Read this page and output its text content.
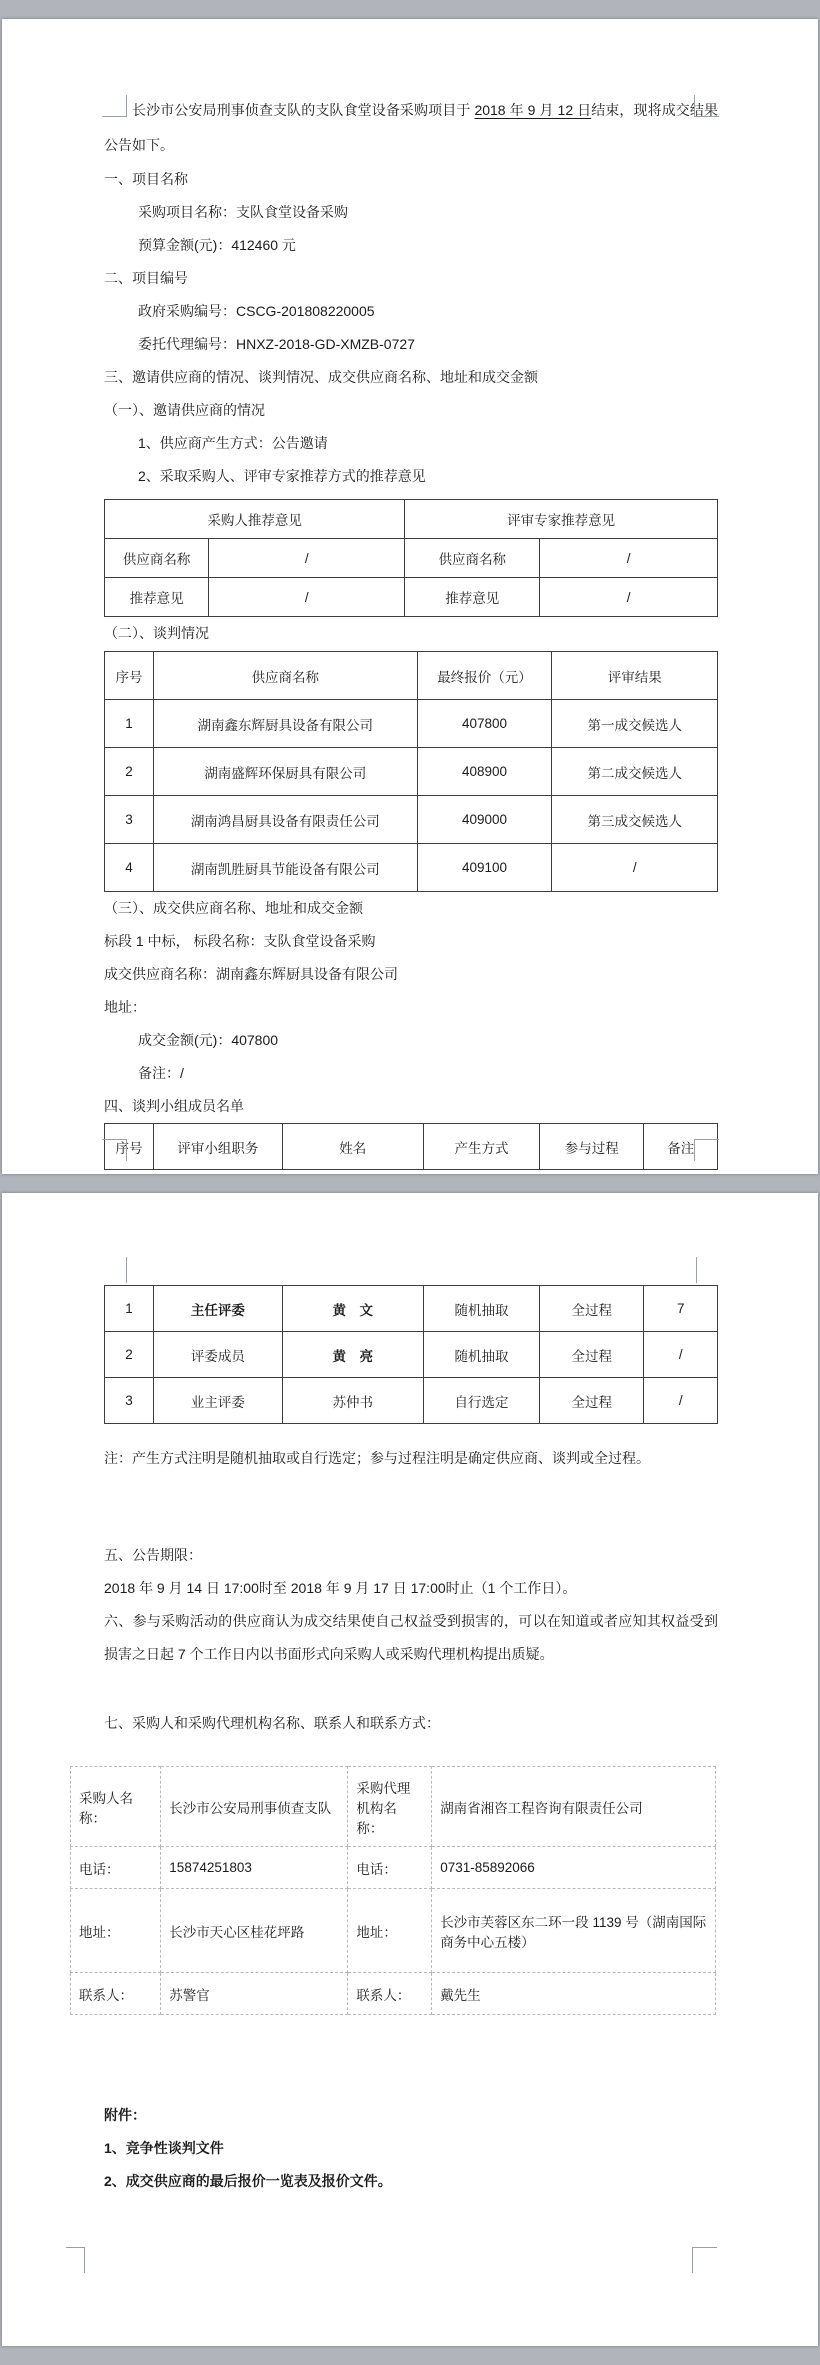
长沙市公安局刑事侦查支队的支队食堂设备采购项目于 2018 年 9 月 12 日结束，现将成交结果公告如下。

一、项目名称
采购项目名称：支队食堂设备采购
预算金额(元)：412460 元
二、项目编号
政府采购编号：CSCG-201808220005
委托代理编号：HNXZ-2018-GD-XMZB-0727
三、邀请供应商的情况、谈判情况、成交供应商名称、地址和成交金额
（一）、邀请供应商的情况
1、供应商产生方式：公告邀请
2、采取采购人、评审专家推荐方式的推荐意见
采购人推荐意见		评审专家推荐意见	
供应商名称	/	供应商名称	/
推荐意见	/	推荐意见	/
（二）、谈判情况
序号	供应商名称	最终报价（元）	评审结果
1	湖南鑫东辉厨具设备有限公司	407800	第一成交候选人
2	湖南盛辉环保厨具有限公司	408900	第二成交候选人
3	湖南鸿昌厨具设备有限责任公司	409000	第三成交候选人
4	湖南凯胜厨具节能设备有限公司	409100	/
（三）、成交供应商名称、地址和成交金额
标段 1 中标， 标段名称：支队食堂设备采购
成交供应商名称：湖南鑫东辉厨具设备有限公司
地址：
成交金额(元)：407800
备注：/
四、谈判小组成员名单
序号	评审小组职务	姓名	产生方式	参与过程	备注
1	主任评委	黄　文	随机抽取	全过程	7
2	评委成员	黄　亮	随机抽取	全过程	/
3	业主评委	苏仲书	自行选定	全过程	/
注：产生方式注明是随机抽取或自行选定；参与过程注明是确定供应商、谈判或全过程。
五、公告期限：
2018 年 9 月 14 日 17:00时至 2018 年 9 月 17 日 17:00时止（1 个工作日）。

六、参与采购活动的供应商认为成交结果使自己权益受到损害的，可以在知道或者应知其权益受到损害之日起 7 个工作日内以书面形式向采购人或采购代理机构提出质疑。

七、采购人和采购代理机构名称、联系人和联系方式：
采购人名称：	长沙市公安局刑事侦查支队	采购代理机构名称：	湖南省湘咨工程咨询有限责任公司
电话：	15874251803	电话：	0731-85892066
地址：	长沙市天心区桂花坪路	地址：	长沙市芙蓉区东二环一段 1139 号（湖南国际商务中心五楼）
联系人：	苏警官	联系人：	戴先生
附件：
1、竞争性谈判文件
2、成交供应商的最后报价一览表及报价文件。
